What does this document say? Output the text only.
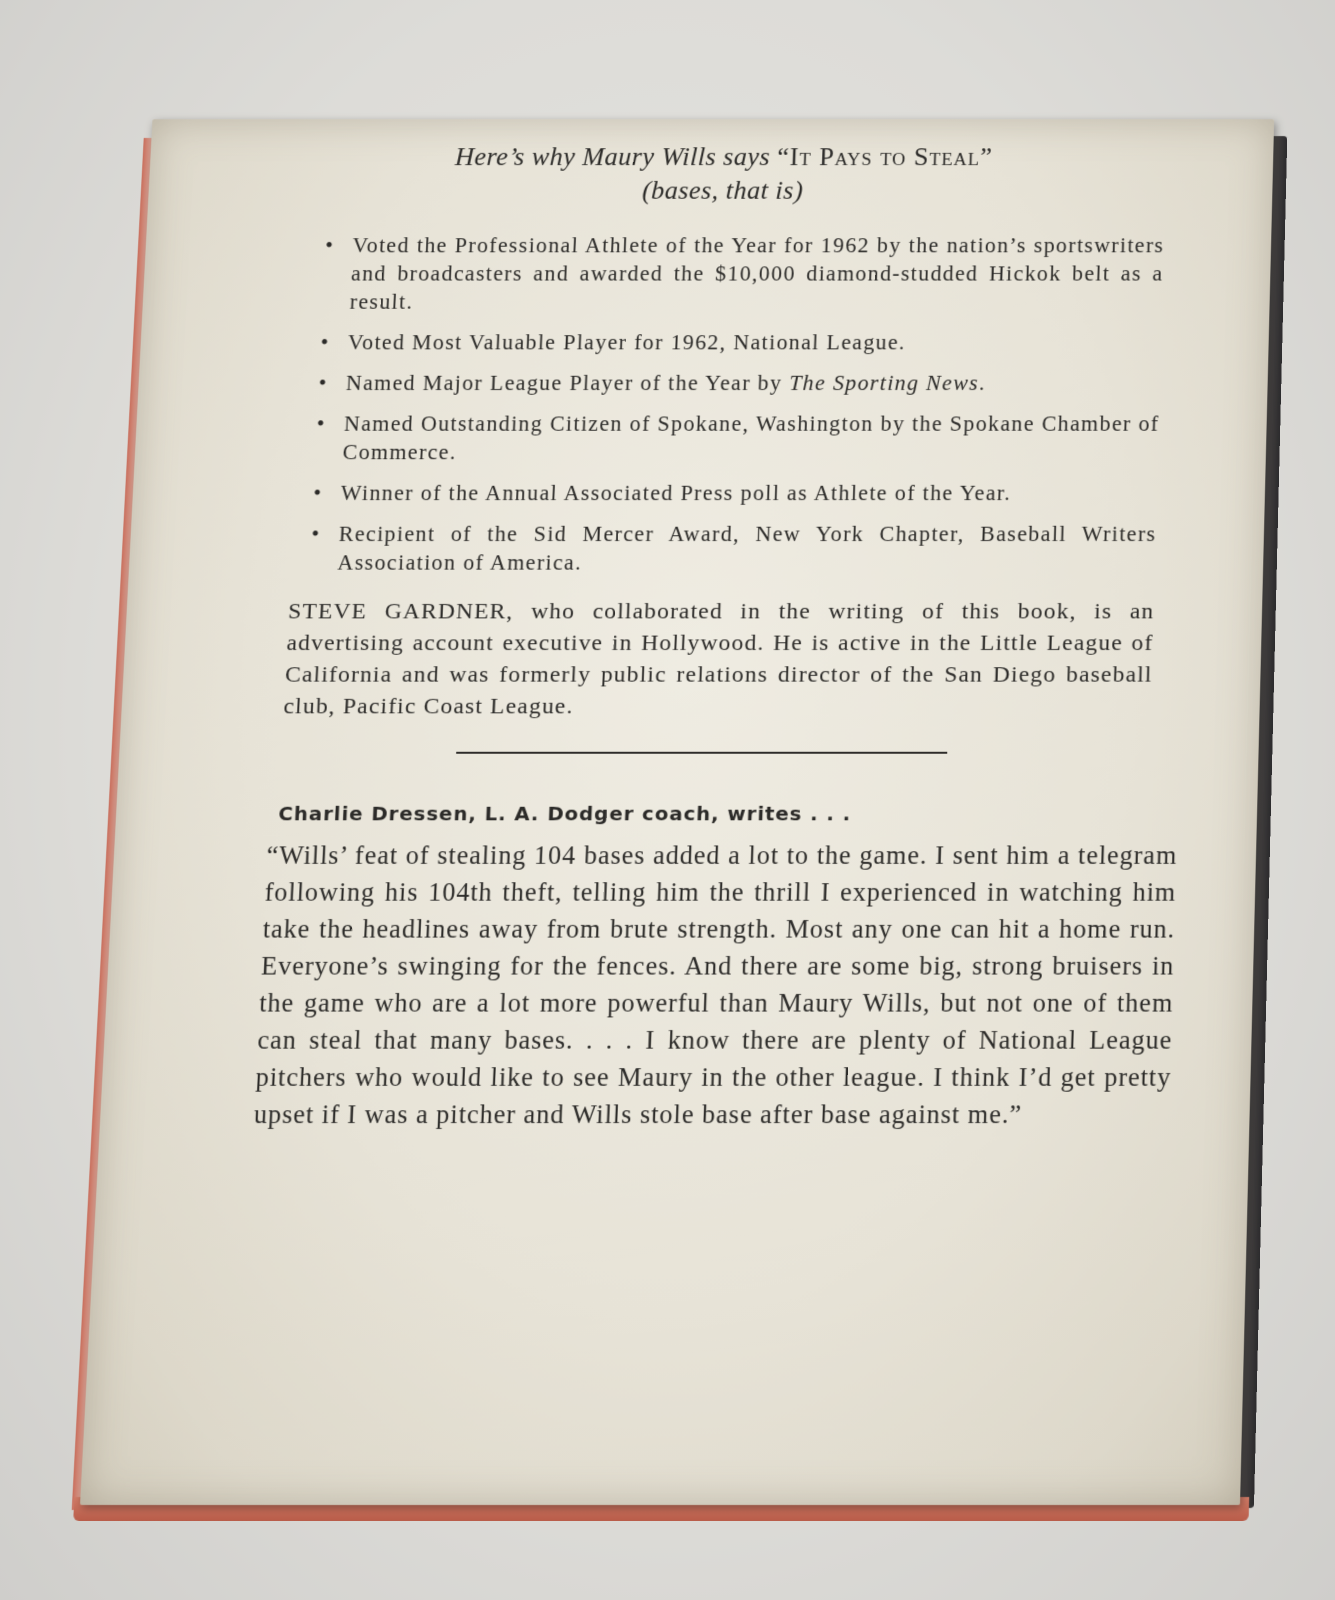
Here’s why Maury Wills says “It Pays to Steal”
(bases, that is)
• Voted the Professional Athlete of the Year for 1962 by the nation’s sportswriters and broadcasters and awarded the $10,000 diamond-studded Hickok belt as a result.
• Voted Most Valuable Player for 1962, National League.
• Named Major League Player of the Year by The Sporting News.
• Named Outstanding Citizen of Spokane, Washington by the Spokane Chamber of Commerce.
• Winner of the Annual Associated Press poll as Athlete of the Year.
• Recipient of the Sid Mercer Award, New York Chapter, Baseball Writers Association of America.

STEVE GARDNER, who collaborated in the writing of this book, is an advertising account executive in Hollywood. He is active in the Little League of California and was formerly public relations director of the San Diego baseball club, Pacific Coast League.

Charlie Dressen, L. A. Dodger coach, writes . . .

“Wills’ feat of stealing 104 bases added a lot to the game. I sent him a telegram following his 104th theft, telling him the thrill I experienced in watching him take the headlines away from brute strength. Most any one can hit a home run. Everyone’s swinging for the fences. And there are some big, strong bruisers in the game who are a lot more powerful than Maury Wills, but not one of them can steal that many bases. . . . I know there are plenty of National League pitchers who would like to see Maury in the other league. I think I’d get pretty upset if I was a pitcher and Wills stole base after base against me.”
